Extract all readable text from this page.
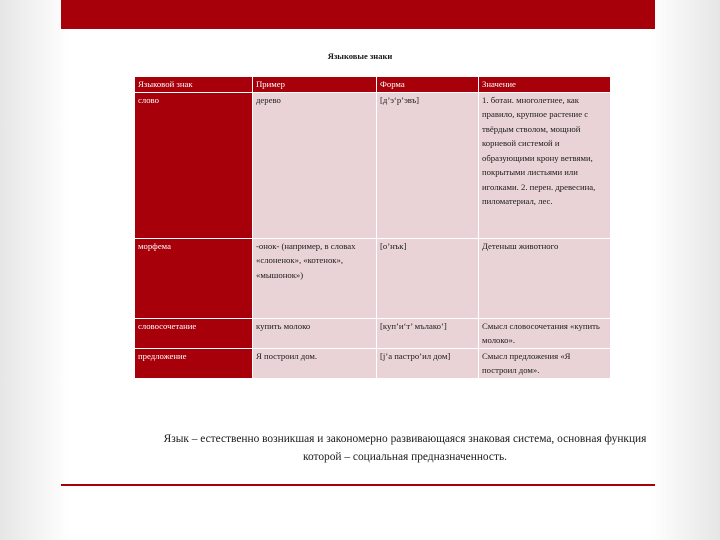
Языковые знаки
Языковой знак	Пример	Форма	Значение
слово	дерево	[д’э‘р’эвъ]	1. ботан. многолетнее, как правило, крупное растение с твёрдым стволом, мощной корневой системой и образующими крону ветвями, покрытыми листьями или иголками. 2. перен. древесина, пиломатериал, лес.
морфема	-онок- (например, в словах «слоненок», «котенок», «мышонок»)	[о’нък]	Детеныш животного
словосочетание	купить молоко	[куп’и‘т’ мълако’]	Смысл словосочетания «купить молоко».
предложение	Я построил дом.	[j’а пастро’ил дом]	Смысл предложения «Я построил дом».
Язык – естественно возникшая и закономерно развивающаяся знаковая система, основная функция которой – социальная предназначенность.
